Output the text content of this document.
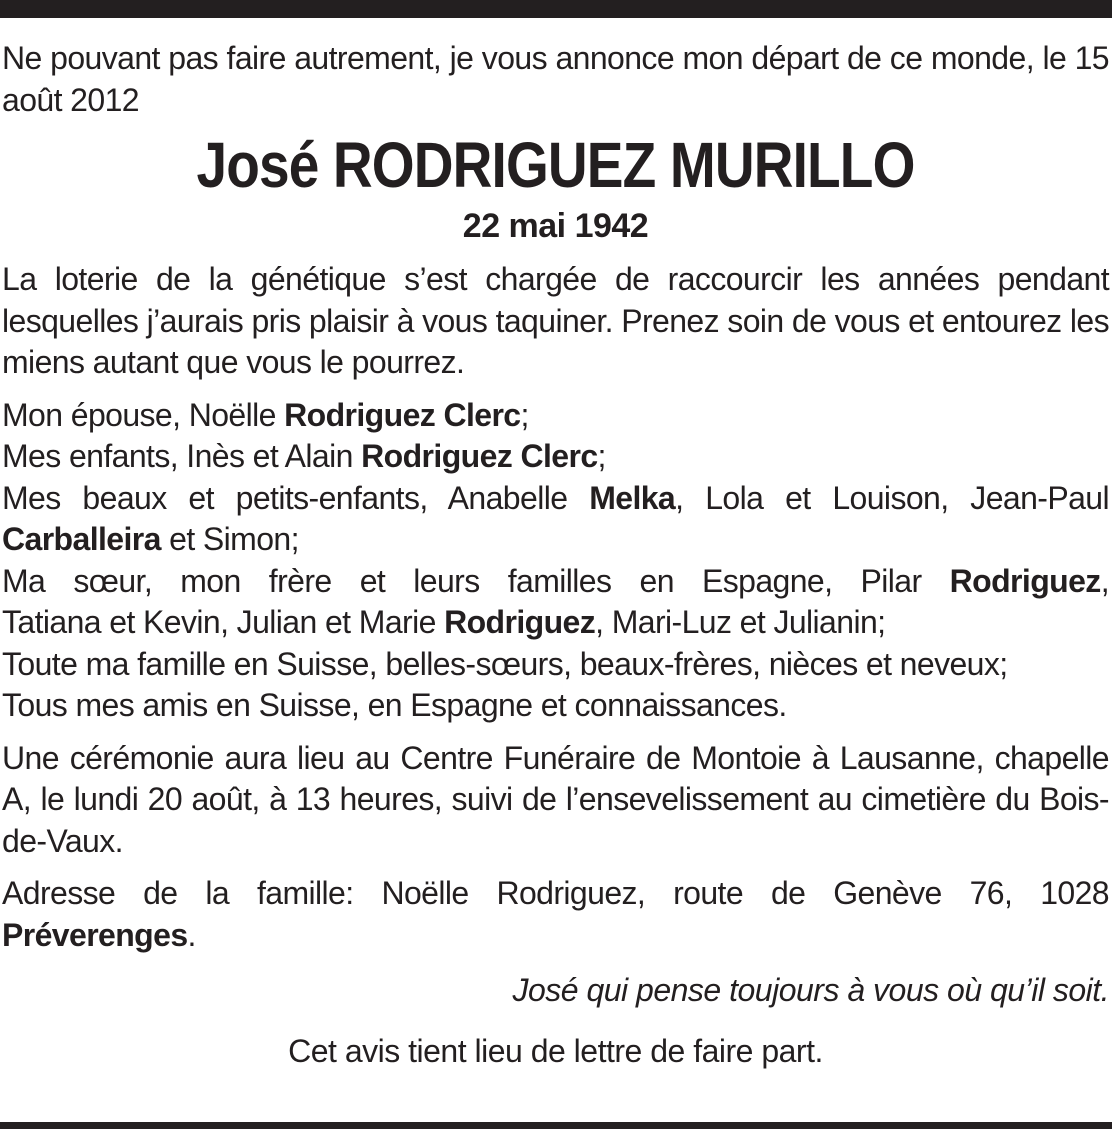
Ne pouvant pas faire autrement, je vous annonce mon départ de ce monde, le 15 août 2012

José RODRIGUEZ MURILLO
22 mai 1942

La loterie de la génétique s’est chargée de raccourcir les années pendant lesquelles j’aurais pris plaisir à vous taquiner. Prenez soin de vous et entourez les miens autant que vous le pourrez.

Mon épouse, Noëlle Rodriguez Clerc;
Mes enfants, Inès et Alain Rodriguez Clerc;
Mes beaux et petits-enfants, Anabelle Melka, Lola et Louison, Jean-Paul
Carballeira et Simon;
Ma sœur, mon frère et leurs familles en Espagne, Pilar Rodriguez,
Tatiana et Kevin, Julian et Marie Rodriguez, Mari-Luz et Julianin;
Toute ma famille en Suisse, belles-sœurs, beaux-frères, nièces et neveux;
Tous mes amis en Suisse, en Espagne et connaissances.

Une cérémonie aura lieu au Centre Funéraire de Montoie à Lausanne, chapelle A, le lundi 20 août, à 13 heures, suivi de l’ensevelissement au cimetière du Bois-de-Vaux.

Adresse de la famille: Noëlle Rodriguez, route de Genève 76, 1028 Préverenges.

José qui pense toujours à vous où qu’il soit.
Cet avis tient lieu de lettre de faire part.
